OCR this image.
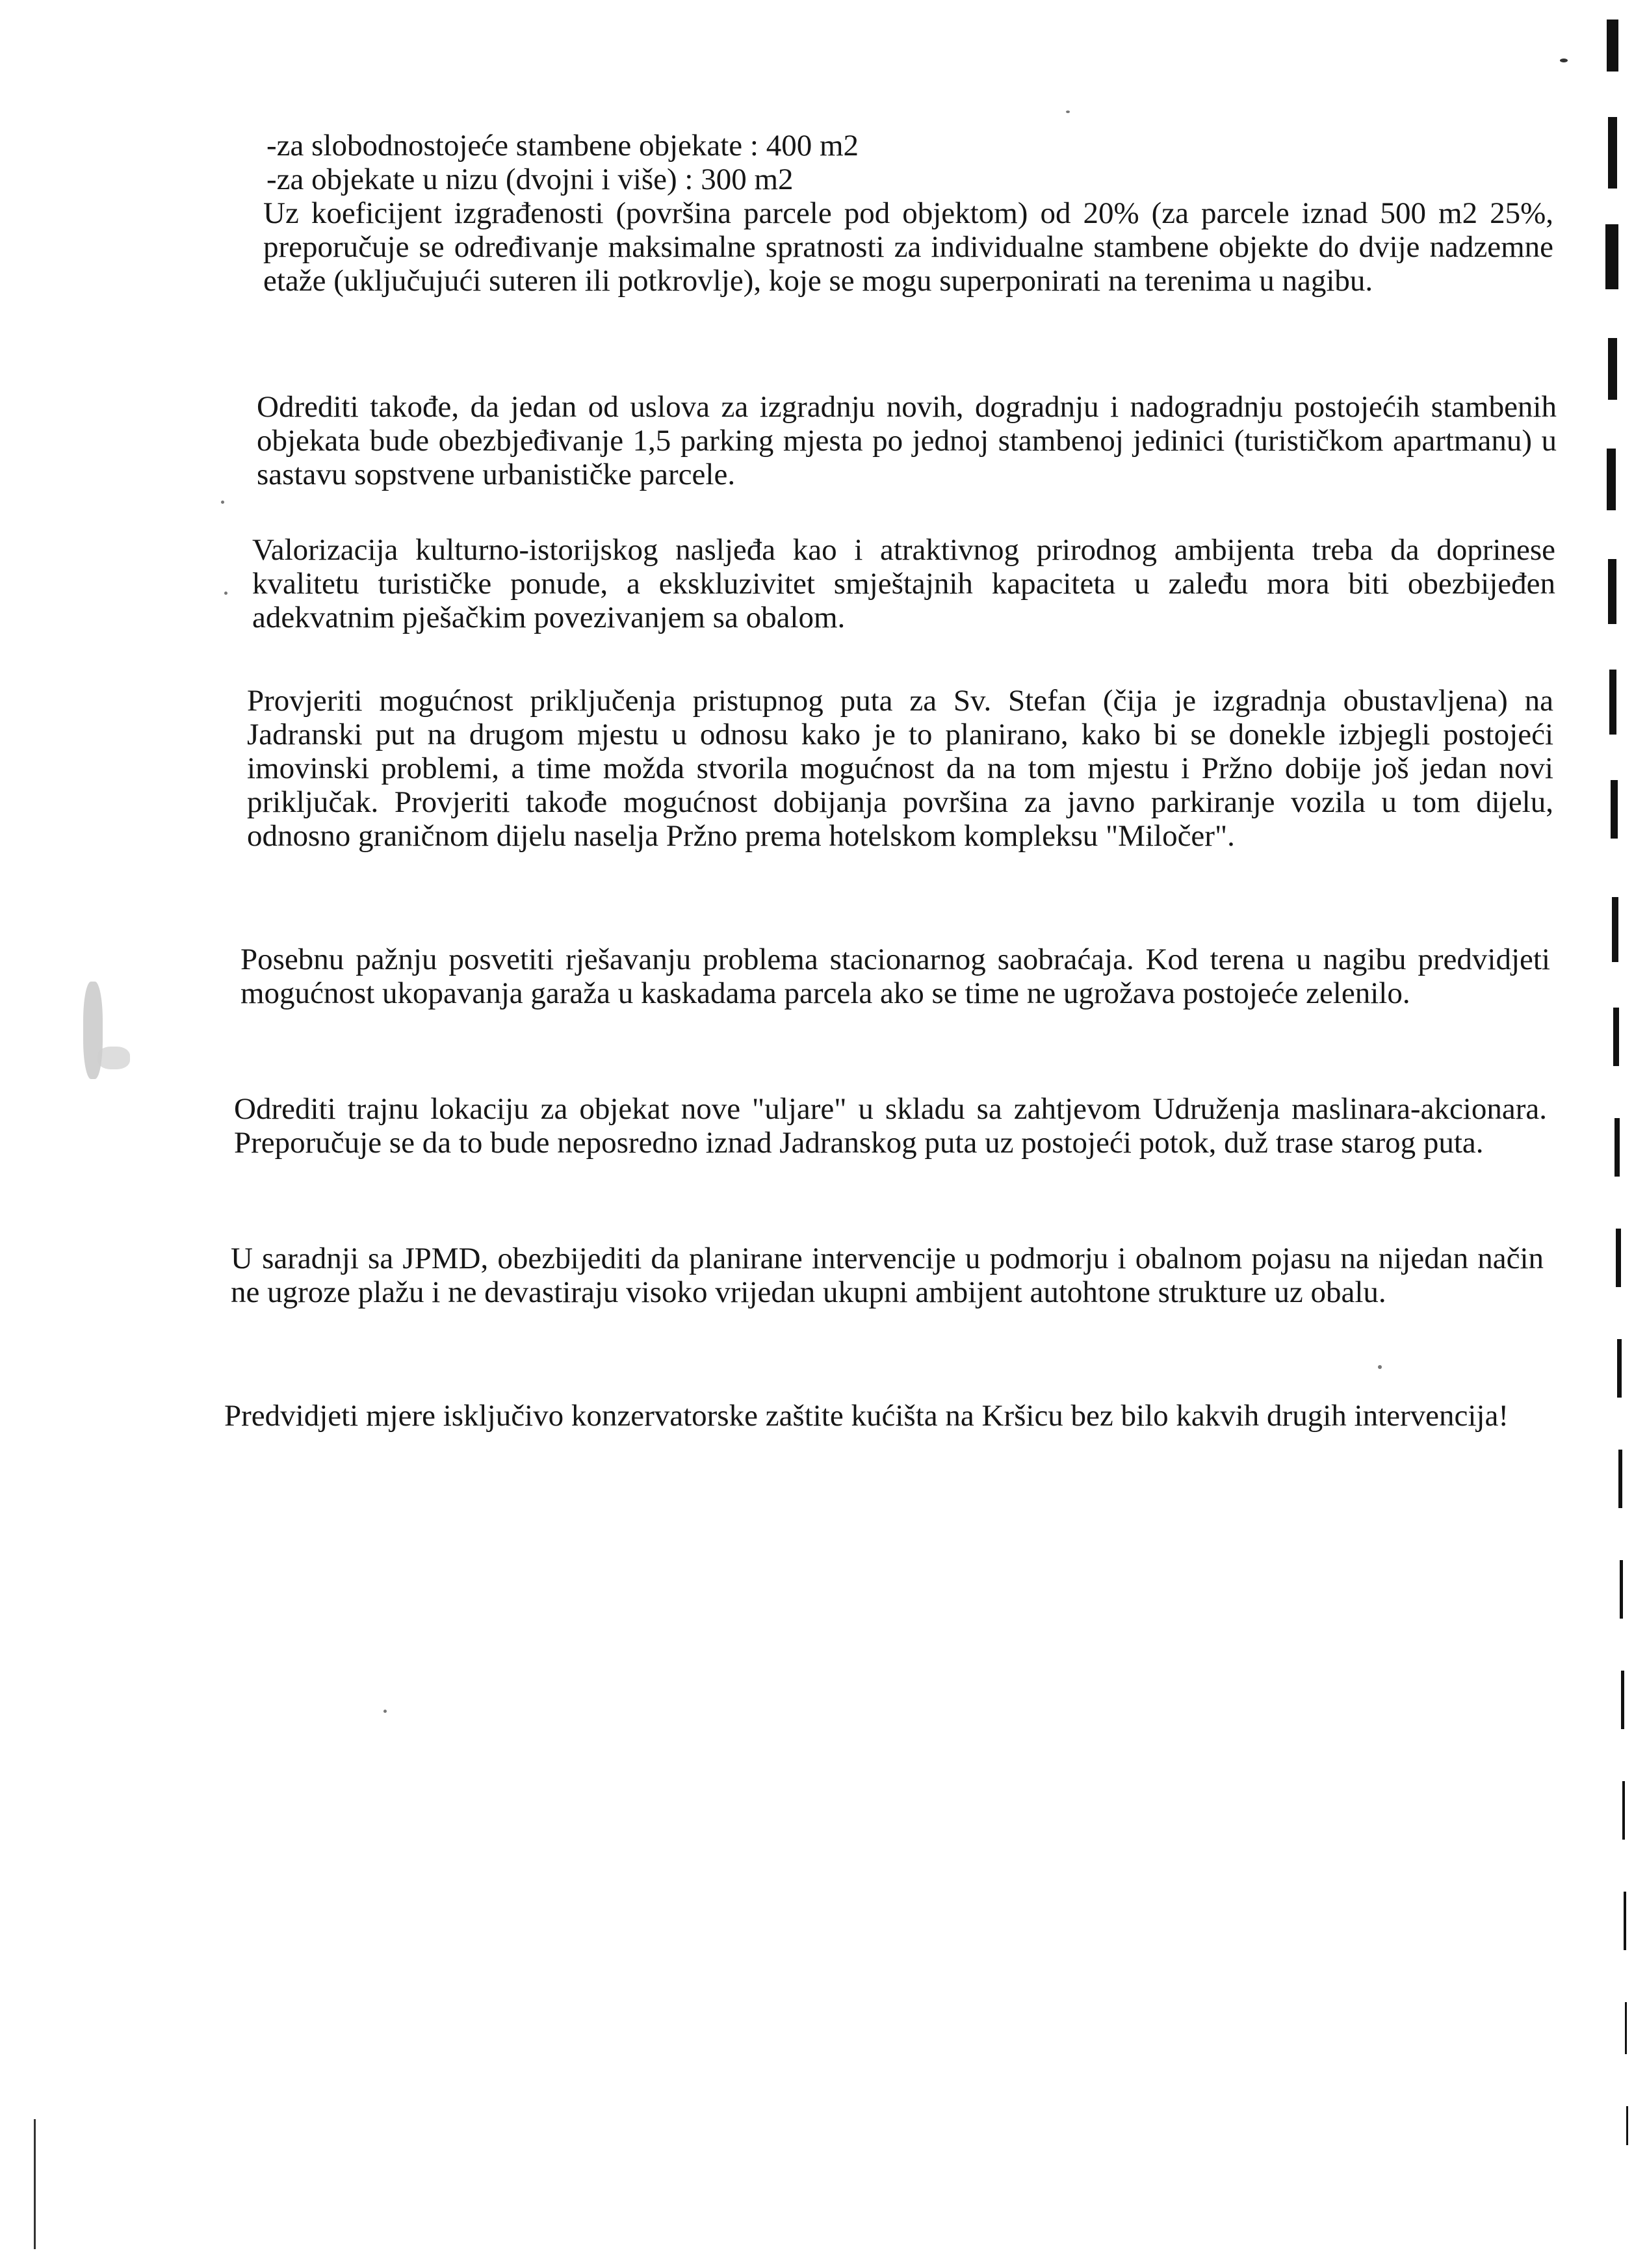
-za slobodnostojeće stambene objekate : 400 m2
-za objekate u nizu (dvojni i više) : 300 m2

Uz koeficijent izgrađenosti (površina parcele pod objektom) od 20% (za parcele iznad 500 m2 25%, preporučuje se određivanje maksimalne spratnosti za individualne stambene objekte do dvije nadzemne etaže (uključujući suteren ili potkrovlje), koje se mogu superponirati na terenima u nagibu.

Odrediti takođe, da jedan od uslova za izgradnju novih, dogradnju i nadogradnju postojećih stambenih objekata bude obezbjeđivanje 1,5 parking mjesta po jednoj stambenoj jedinici (turističkom apartmanu) u sastavu sopstvene urbanističke parcele.

Valorizacija kulturno-istorijskog nasljeđa kao i atraktivnog prirodnog ambijenta treba da doprinese kvalitetu turističke ponude, a ekskluzivitet smještajnih kapaciteta u zaleđu mora biti obezbijeđen adekvatnim pješačkim povezivanjem sa obalom.

Provjeriti mogućnost priključenja pristupnog puta za Sv. Stefan (čija je izgradnja obustavljena) na Jadranski put na drugom mjestu u odnosu kako je to planirano, kako bi se donekle izbjegli postojeći imovinski problemi, a time možda stvorila mogućnost da na tom mjestu i Pržno dobije još jedan novi priključak. Provjeriti takođe mogućnost dobijanja površina za javno parkiranje vozila u tom dijelu, odnosno graničnom dijelu naselja Pržno prema hotelskom kompleksu "Miločer".

Posebnu pažnju posvetiti rješavanju problema stacionarnog saobraćaja. Kod terena u nagibu predvidjeti mogućnost ukopavanja garaža u kaskadama parcela ako se time ne ugrožava postojeće zelenilo.

Odrediti trajnu lokaciju za objekat nove "uljare" u skladu sa zahtjevom Udruženja maslinara-akcionara. Preporučuje se da to bude neposredno iznad Jadranskog puta uz postojeći potok, duž trase starog puta.

U saradnji sa JPMD, obezbijediti da planirane intervencije u podmorju i obalnom pojasu na nijedan način ne ugroze plažu i ne devastiraju visoko vrijedan ukupni ambijent autohtone strukture uz obalu.

Predvidjeti mjere isključivo konzervatorske zaštite kućišta na Kršicu bez bilo kakvih drugih intervencija!
